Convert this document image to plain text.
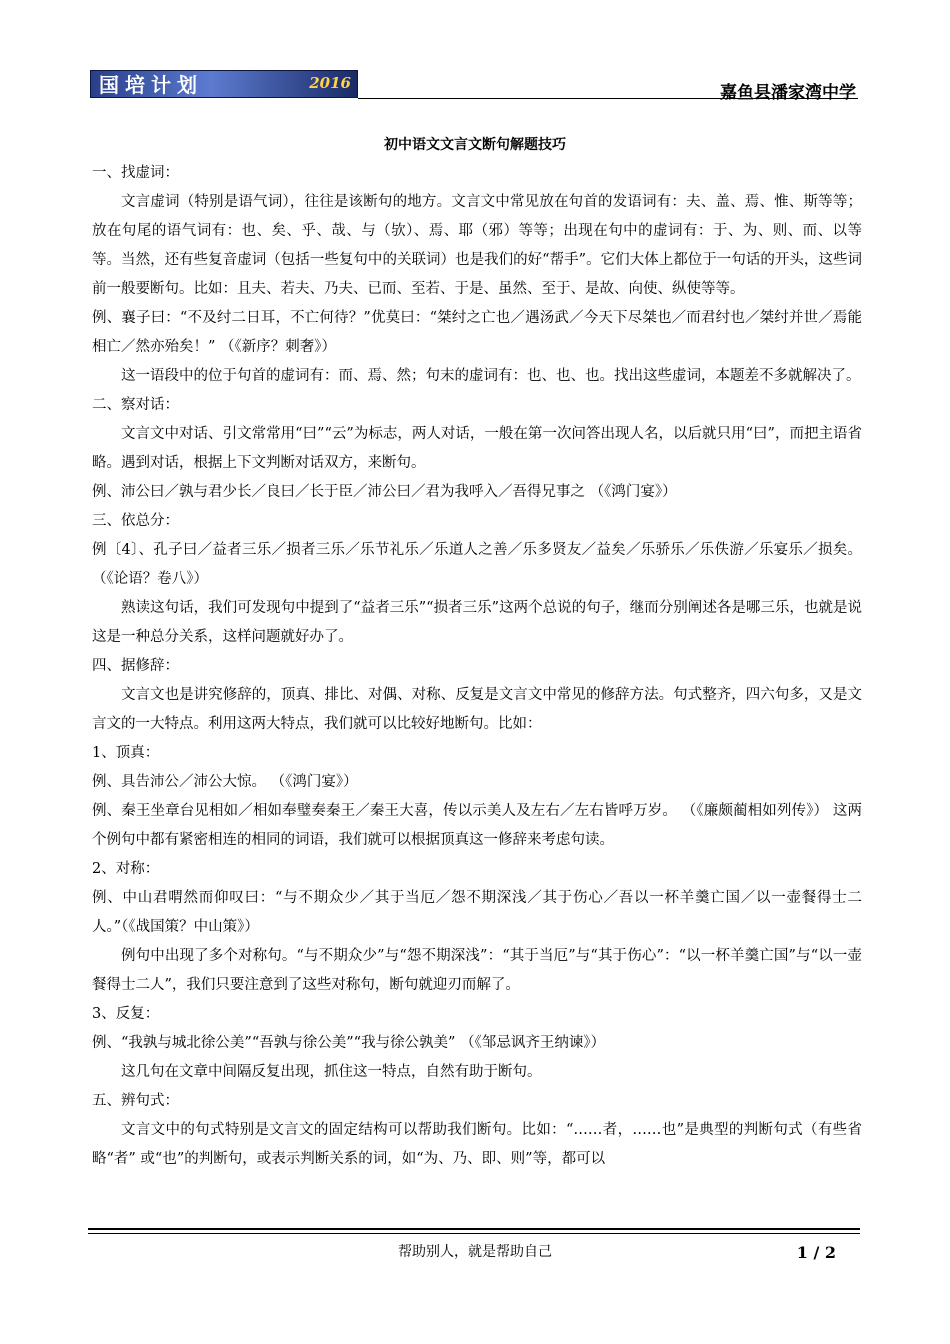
国培计划	2016	嘉鱼县潘家湾中学
初中语文文言文断句解题技巧

一、找虚词：

文言虚词（特别是语气词），往往是该断句的地方。文言文中常见放在句首的发语词有：夫、盖、焉、惟、斯等等；放在句尾的语气词有：也、矣、乎、哉、与（欤）、焉、耶（邪）等等；出现在句中的虚词有：于、为、则、而、以等等。当然，还有些复音虚词（包括一些复句中的关联词）也是我们的好“帮手”。它们大体上都位于一句话的开头，这些词前一般要断句。比如：且夫、若夫、乃夫、已而、至若、于是、虽然、至于、是故、向使、纵使等等。

例、襄子曰：“不及纣二日耳，不亡何待？”优莫曰：“桀纣之亡也／遇汤武／今天下尽桀也／而君纣也／桀纣并世／焉能相亡／然亦殆矣！” （《新序？刺奢》）

这一语段中的位于句首的虚词有：而、焉、然；句末的虚词有：也、也、也。找出这些虚词，本题差不多就解决了。

二、察对话：

文言文中对话、引文常常用“曰”“云”为标志，两人对话，一般在第一次问答出现人名，以后就只用“曰”，而把主语省略。遇到对话，根据上下文判断对话双方，来断句。

例、沛公曰／孰与君少长／良曰／长于臣／沛公曰／君为我呼入／吾得兄事之 （《鸿门宴》）

三、依总分：

例〔4〕、孔子曰／益者三乐／损者三乐／乐节礼乐／乐道人之善／乐多贤友／益矣／乐骄乐／乐佚游／乐宴乐／损矣。 （《论语？卷八》）

熟读这句话，我们可发现句中提到了“益者三乐”“损者三乐”这两个总说的句子，继而分别阐述各是哪三乐，也就是说这是一种总分关系，这样问题就好办了。

四、据修辞：

文言文也是讲究修辞的，顶真、排比、对偶、对称、反复是文言文中常见的修辞方法。句式整齐，四六句多，又是文言文的一大特点。利用这两大特点，我们就可以比较好地断句。比如：

1、顶真：

例、具告沛公／沛公大惊。 （《鸿门宴》）

例、秦王坐章台见相如／相如奉璧奏秦王／秦王大喜，传以示美人及左右／左右皆呼万岁。 （《廉颇蔺相如列传》） 这两个例句中都有紧密相连的相同的词语，我们就可以根据顶真这一修辞来考虑句读。

2、对称：

例、中山君喟然而仰叹曰：“与不期众少／其于当厄／怨不期深浅／其于伤心／吾以一杯羊羹亡国／以一壶餐得士二人。”（《战国策？中山策》）

例句中出现了多个对称句。“与不期众少”与“怨不期深浅”：“其于当厄”与“其于伤心”：“以一杯羊羹亡国”与“以一壶餐得士二人”，我们只要注意到了这些对称句，断句就迎刃而解了。

3、反复：

例、“我孰与城北徐公美”“吾孰与徐公美”“我与徐公孰美” （《邹忌讽齐王纳谏》）

这几句在文章中间隔反复出现，抓住这一特点，自然有助于断句。

五、辨句式：

文言文中的句式特别是文言文的固定结构可以帮助我们断句。比如：“……者，……也”是典型的判断句式（有些省略“者” 或“也”的判断句，或表示判断关系的词，如“为、乃、即、则”等，都可以

帮助别人，就是帮助自己	1 / 2
